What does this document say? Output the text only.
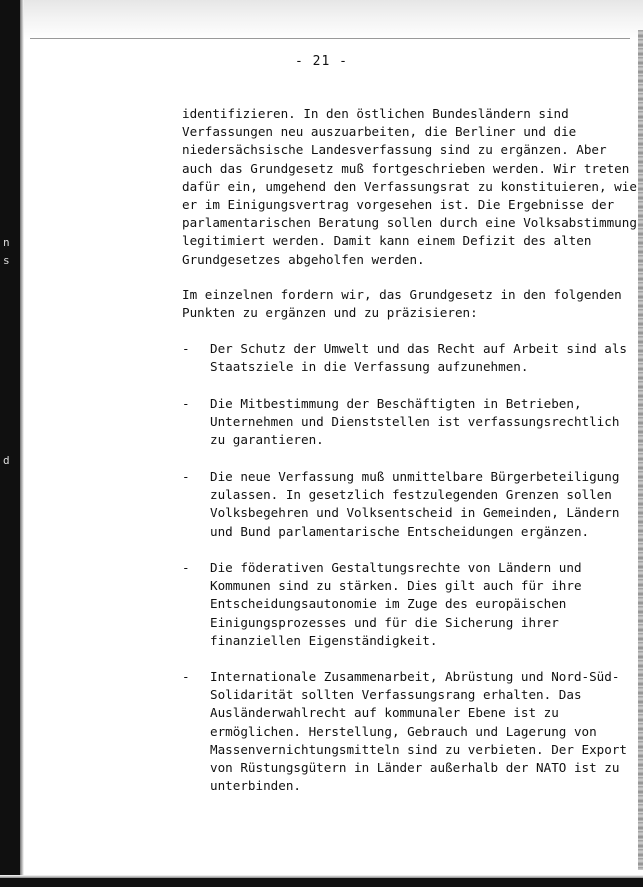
n
s
d
- 21 -
identifizieren. In den östlichen Bundesländern sind
Verfassungen neu auszuarbeiten, die Berliner und die
niedersächsische Landesverfassung sind zu ergänzen. Aber
auch das Grundgesetz muß fortgeschrieben werden. Wir treten
dafür ein, umgehend den Verfassungsrat zu konstituieren, wie
er im Einigungsvertrag vorgesehen ist. Die Ergebnisse der
parlamentarischen Beratung sollen durch eine Volksabstimmung
legitimiert werden. Damit kann einem Defizit des alten
Grundgesetzes abgeholfen werden.
Im einzelnen fordern wir, das Grundgesetz in den folgenden
Punkten zu ergänzen und zu präzisieren:
- Der Schutz der Umwelt und das Recht auf Arbeit sind als
Staatsziele in die Verfassung aufzunehmen.
- Die Mitbestimmung der Beschäftigten in Betrieben,
Unternehmen und Dienststellen ist verfassungsrechtlich
zu garantieren.
- Die neue Verfassung muß unmittelbare Bürgerbeteiligung
zulassen. In gesetzlich festzulegenden Grenzen sollen
Volksbegehren und Volksentscheid in Gemeinden, Ländern
und Bund parlamentarische Entscheidungen ergänzen.
- Die föderativen Gestaltungsrechte von Ländern und
Kommunen sind zu stärken. Dies gilt auch für ihre
Entscheidungsautonomie im Zuge des europäischen
Einigungsprozesses und für die Sicherung ihrer
finanziellen Eigenständigkeit.
- Internationale Zusammenarbeit, Abrüstung und Nord-Süd-
Solidarität sollten Verfassungsrang erhalten. Das
Ausländerwahlrecht auf kommunaler Ebene ist zu
ermöglichen. Herstellung, Gebrauch und Lagerung von
Massenvernichtungsmitteln sind zu verbieten. Der Export
von Rüstungsgütern in Länder außerhalb der NATO ist zu
unterbinden.
